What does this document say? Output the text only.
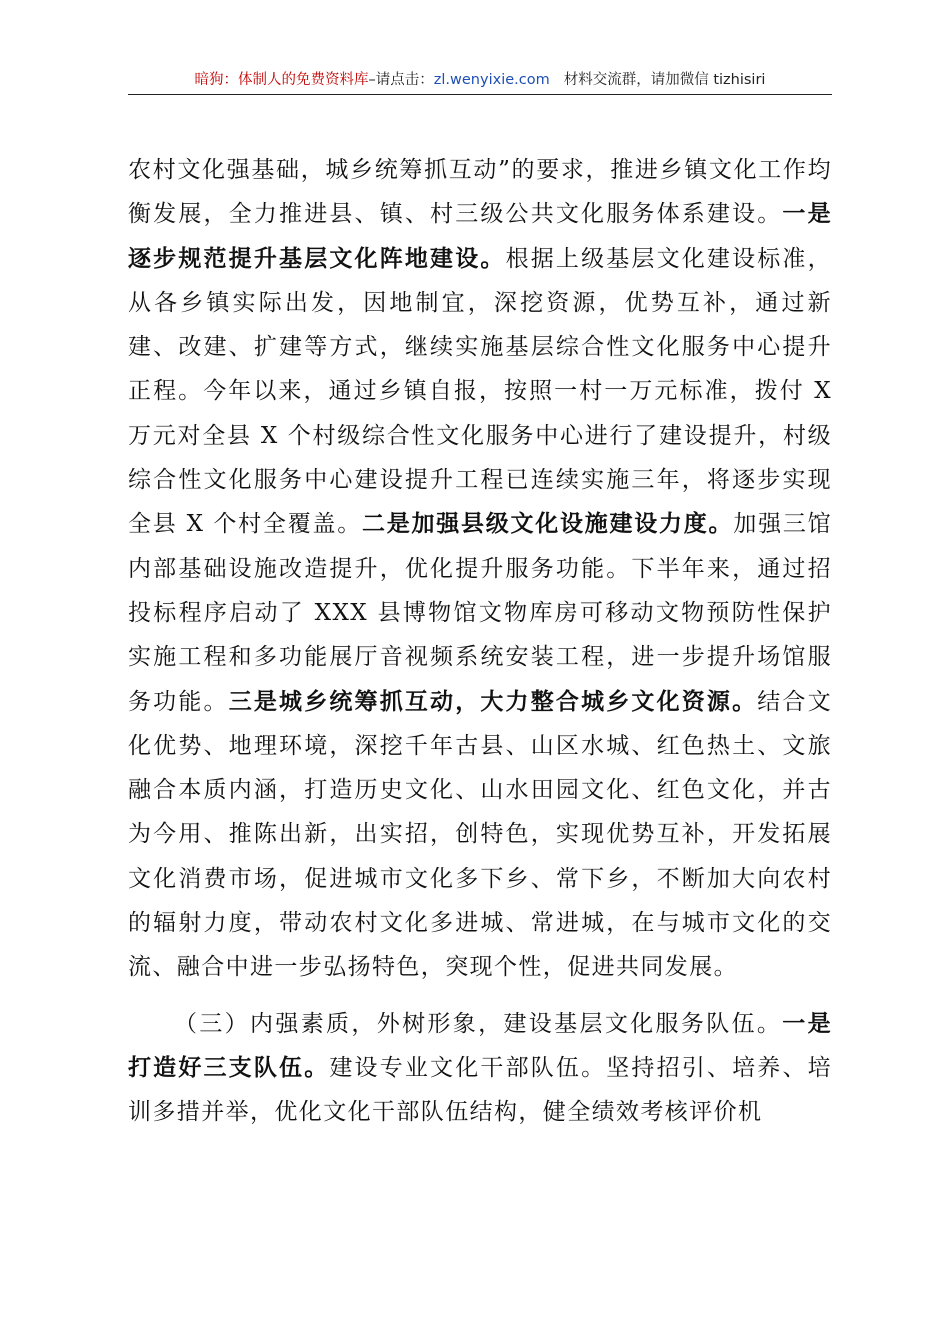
暗狗：体制人的免费资料库–请点击：zl.wenyixie.com 材料交流群，请加微信 tizhisiri

农村文化强基础，城乡统筹抓互动”的要求，推进乡镇文化工作均衡发展，全力推进县、镇、村三级公共文化服务体系建设。一是逐步规范提升基层文化阵地建设。根据上级基层文化建设标准，从各乡镇实际出发，因地制宜，深挖资源，优势互补，通过新建、改建、扩建等方式，继续实施基层综合性文化服务中心提升正程。今年以来，通过乡镇自报，按照一村一万元标准，拨付 X 万元对全县 X 个村级综合性文化服务中心进行了建设提升，村级综合性文化服务中心建设提升工程已连续实施三年，将逐步实现全县 X 个村全覆盖。二是加强县级文化设施建设力度。加强三馆内部基础设施改造提升，优化提升服务功能。下半年来，通过招投标程序启动了 XXX 县博物馆文物库房可移动文物预防性保护实施工程和多功能展厅音视频系统安装工程，进一步提升场馆服务功能。三是城乡统筹抓互动，大力整合城乡文化资源。结合文化优势、地理环境，深挖千年古县、山区水城、红色热土、文旅融合本质内涵，打造历史文化、山水田园文化、红色文化，并古为今用、推陈出新，出实招，创特色，实现优势互补，开发拓展文化消费市场，促进城市文化多下乡、常下乡，不断加大向农村的辐射力度，带动农村文化多进城、常进城，在与城市文化的交流、融合中进一步弘扬特色，突现个性，促进共同发展。

（三）内强素质，外树形象，建设基层文化服务队伍。一是打造好三支队伍。建设专业文化干部队伍。坚持招引、培养、培训多措并举，优化文化干部队伍结构，健全绩效考核评价机
